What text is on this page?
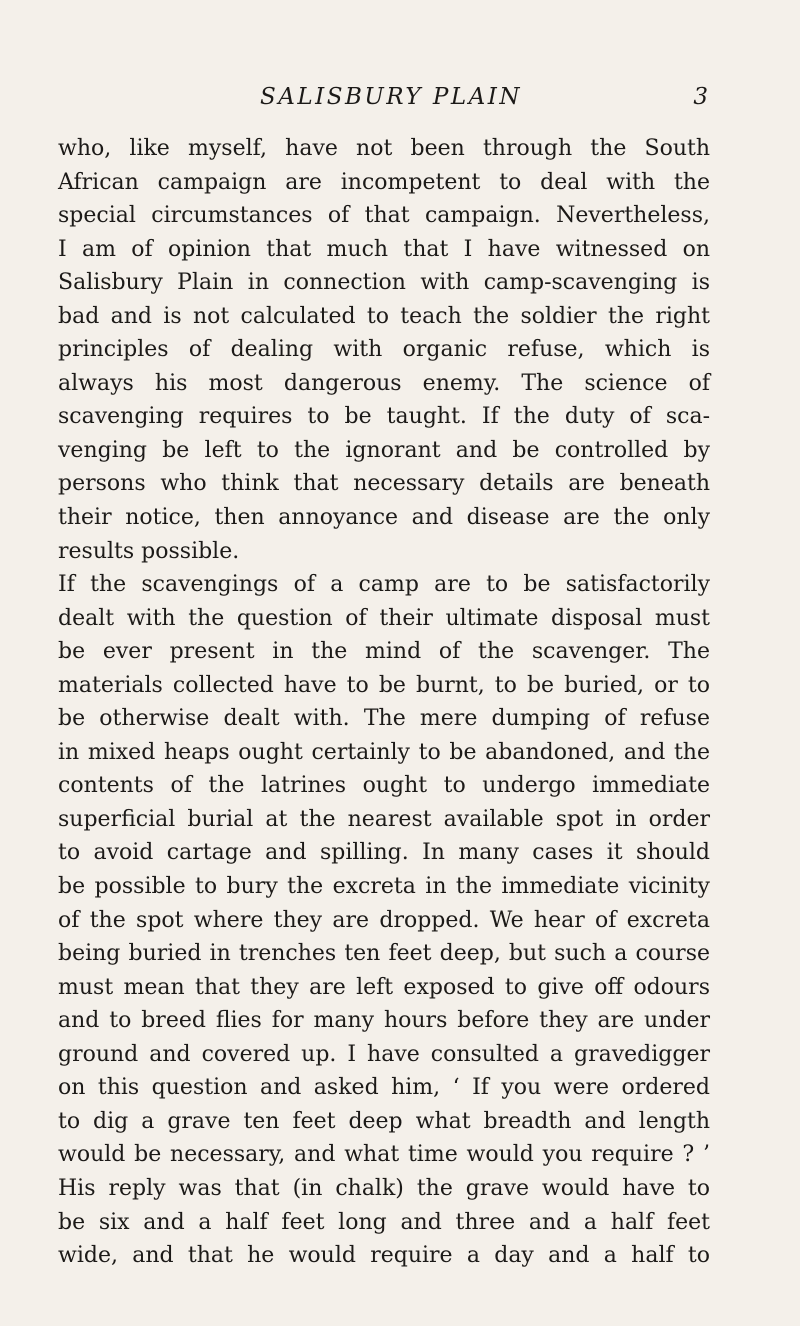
SALISBURY PLAIN	3
who, like myself, have not been through the South
African campaign are incompetent to deal with the
special circumstances of that campaign. Nevertheless,
I am of opinion that much that I have witnessed on
Salisbury Plain in connection with camp-scavenging is
bad and is not calculated to teach the soldier the right
principles of dealing with organic refuse, which is
always his most dangerous enemy. The science of
scavenging requires to be taught. If the duty of sca-
venging be left to the ignorant and be controlled by
persons who think that necessary details are beneath
their notice, then annoyance and disease are the only
results possible.
If the scavengings of a camp are to be satisfactorily
dealt with the question of their ultimate disposal must
be ever present in the mind of the scavenger. The
materials collected have to be burnt, to be buried, or to
be otherwise dealt with. The mere dumping of refuse
in mixed heaps ought certainly to be abandoned, and the
contents of the latrines ought to undergo immediate
superficial burial at the nearest available spot in order
to avoid cartage and spilling. In many cases it should
be possible to bury the excreta in the immediate vicinity
of the spot where they are dropped. We hear of excreta
being buried in trenches ten feet deep, but such a course
must mean that they are left exposed to give off odours
and to breed flies for many hours before they are under
ground and covered up. I have consulted a gravedigger
on this question and asked him, ‘ If you were ordered
to dig a grave ten feet deep what breadth and length
would be necessary, and what time would you require ? ’
His reply was that (in chalk) the grave would have to
be six and a half feet long and three and a half feet
wide, and that he would require a day and a half to
